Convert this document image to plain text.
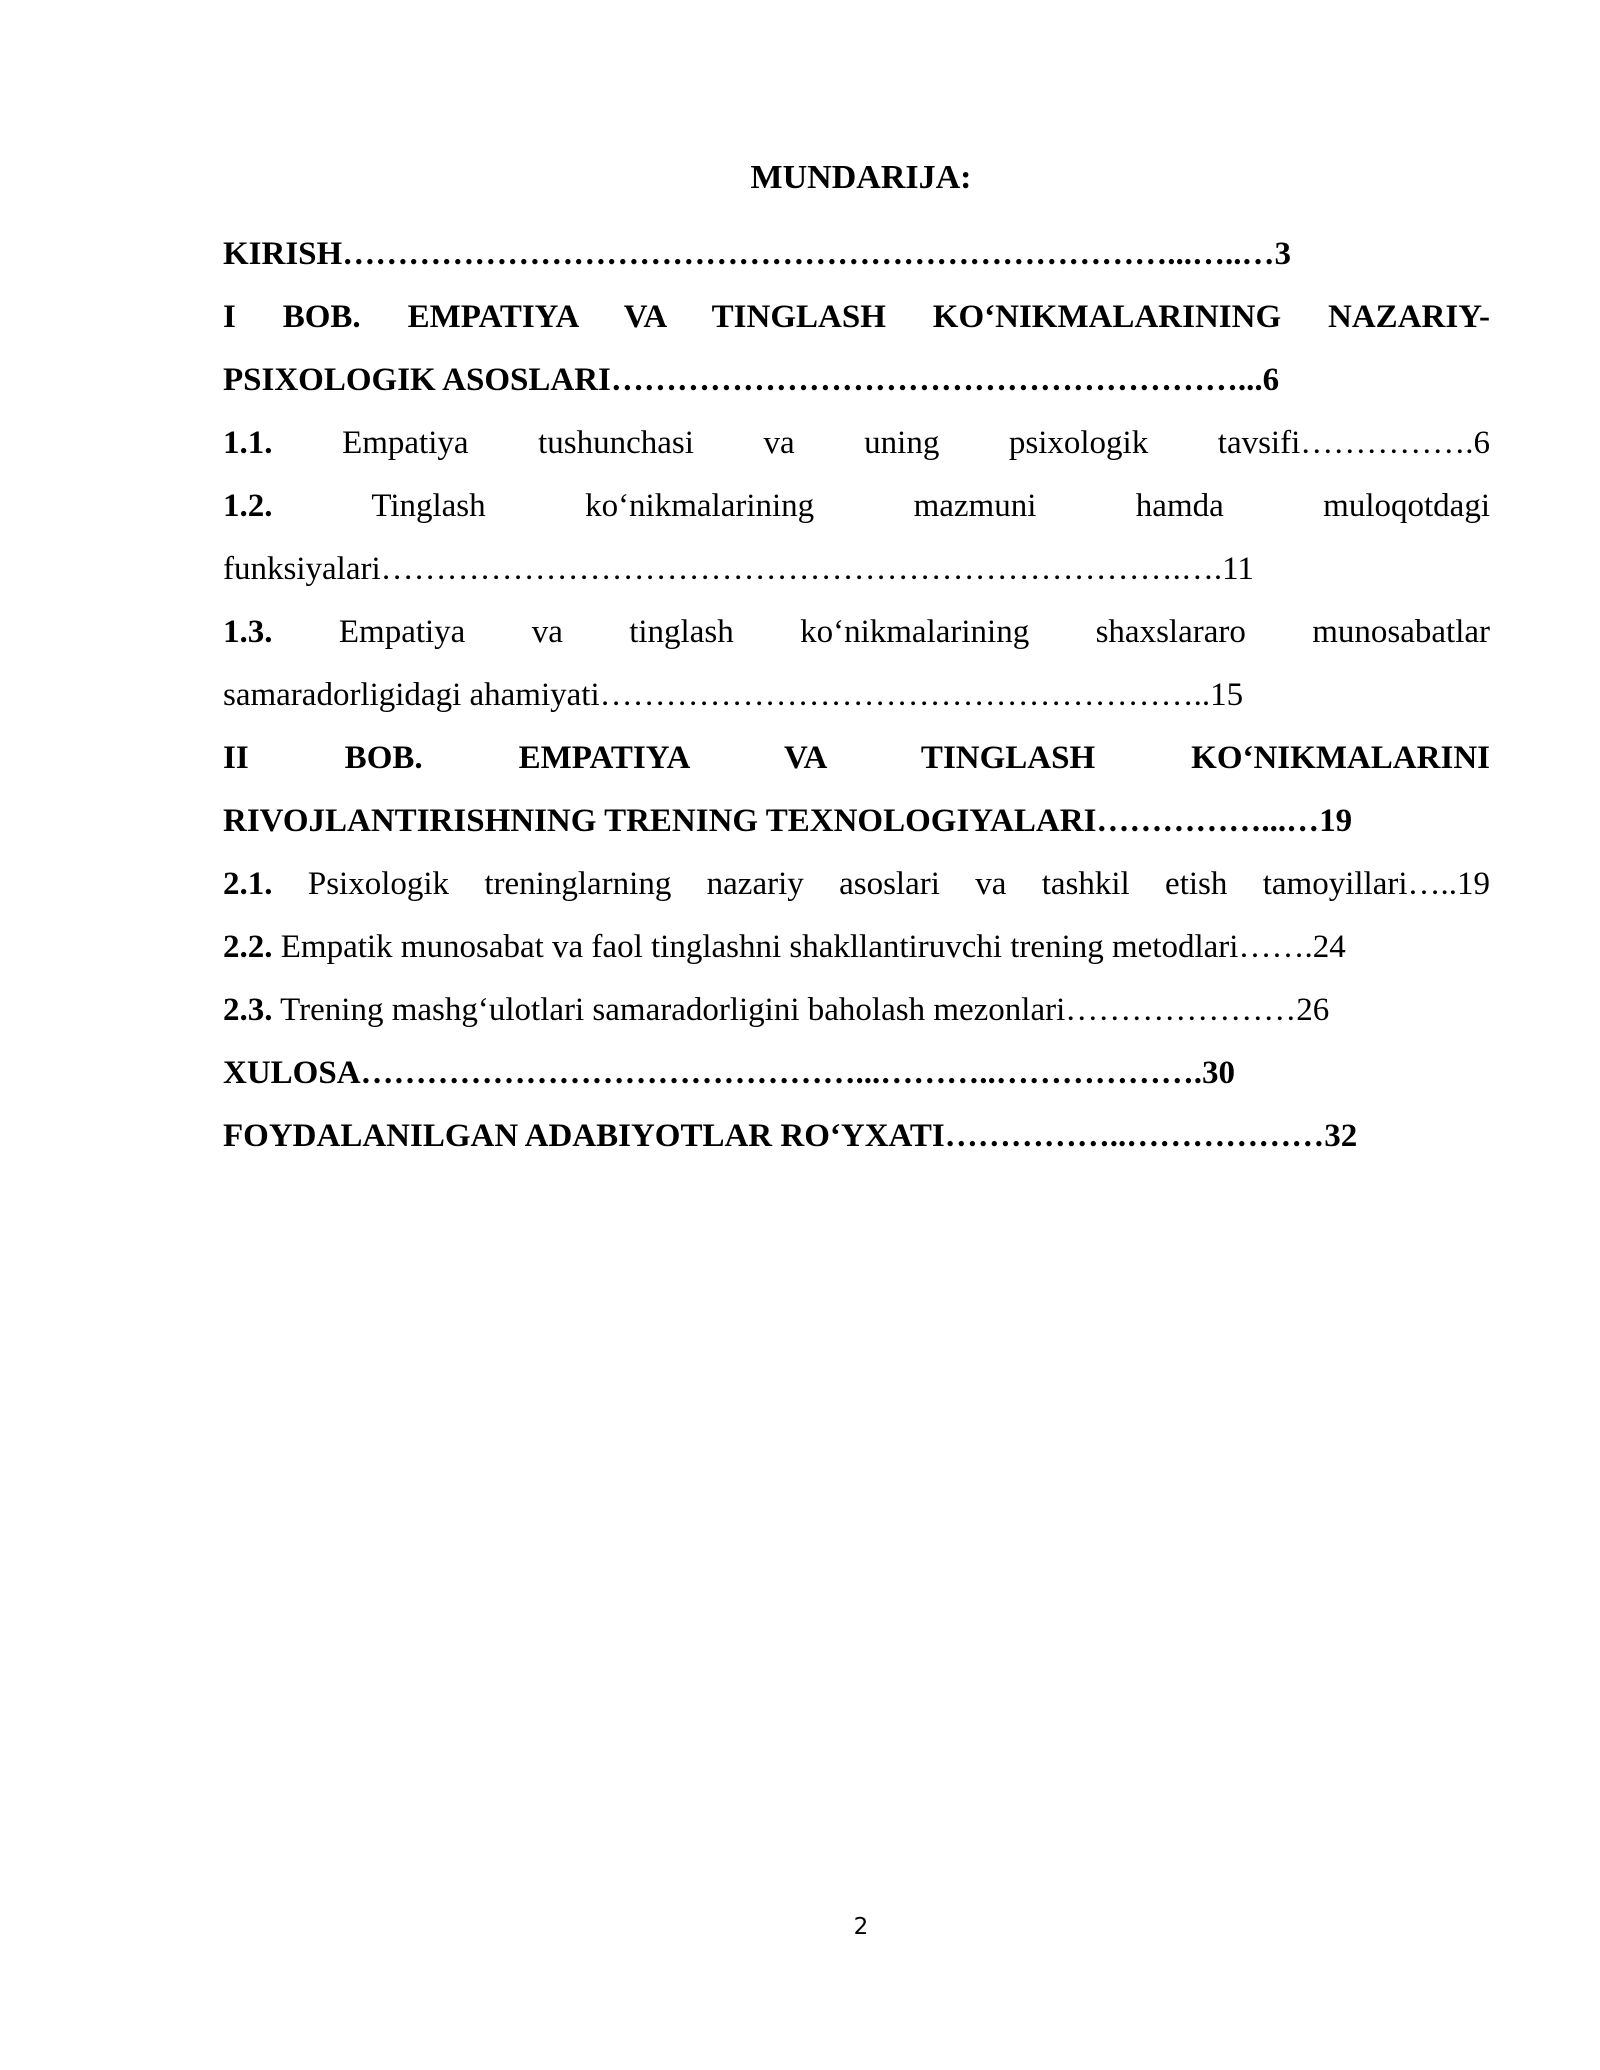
MUNDARIJA:
KIRISH…………………………………………………………………...…..…3
I BOB. EMPATIYA VA TINGLASH KO‘NIKMALARINING NAZARIY-
PSIXOLOGIK ASOSLARI…………………………………………………...6
1.1. Empatiya tushunchasi va uning psixologik tavsifi…………….6
1.2.	Tinglash ko‘nikmalarining mazmuni hamda muloqotdagi
funksiyalari……………………………………………………………….….11
1.3. Empatiya va tinglash ko‘nikmalarining shaxslararo munosabatlar
samaradorligidagi ahamiyati………………………………………………..15
II BOB. EMPATIYA VA TINGLASH KO‘NIKMALARINI
RIVOJLANTIRISHNING TRENING TEXNOLOGIYALARI……………...…19
2.1. Psixologik treninglarning nazariy asoslari va tashkil etish tamoyillari…..19
2.2. Empatik munosabat va faol tinglashni shakllantiruvchi trening metodlari…….24
2.3. Trening mashg‘ulotlari samaradorligini baholash mezonlari…………………26
XULOSA………………………………………...………..……………….30
FOYDALANILGAN ADABIYOTLAR RO‘YXATI……………..………………32
2
